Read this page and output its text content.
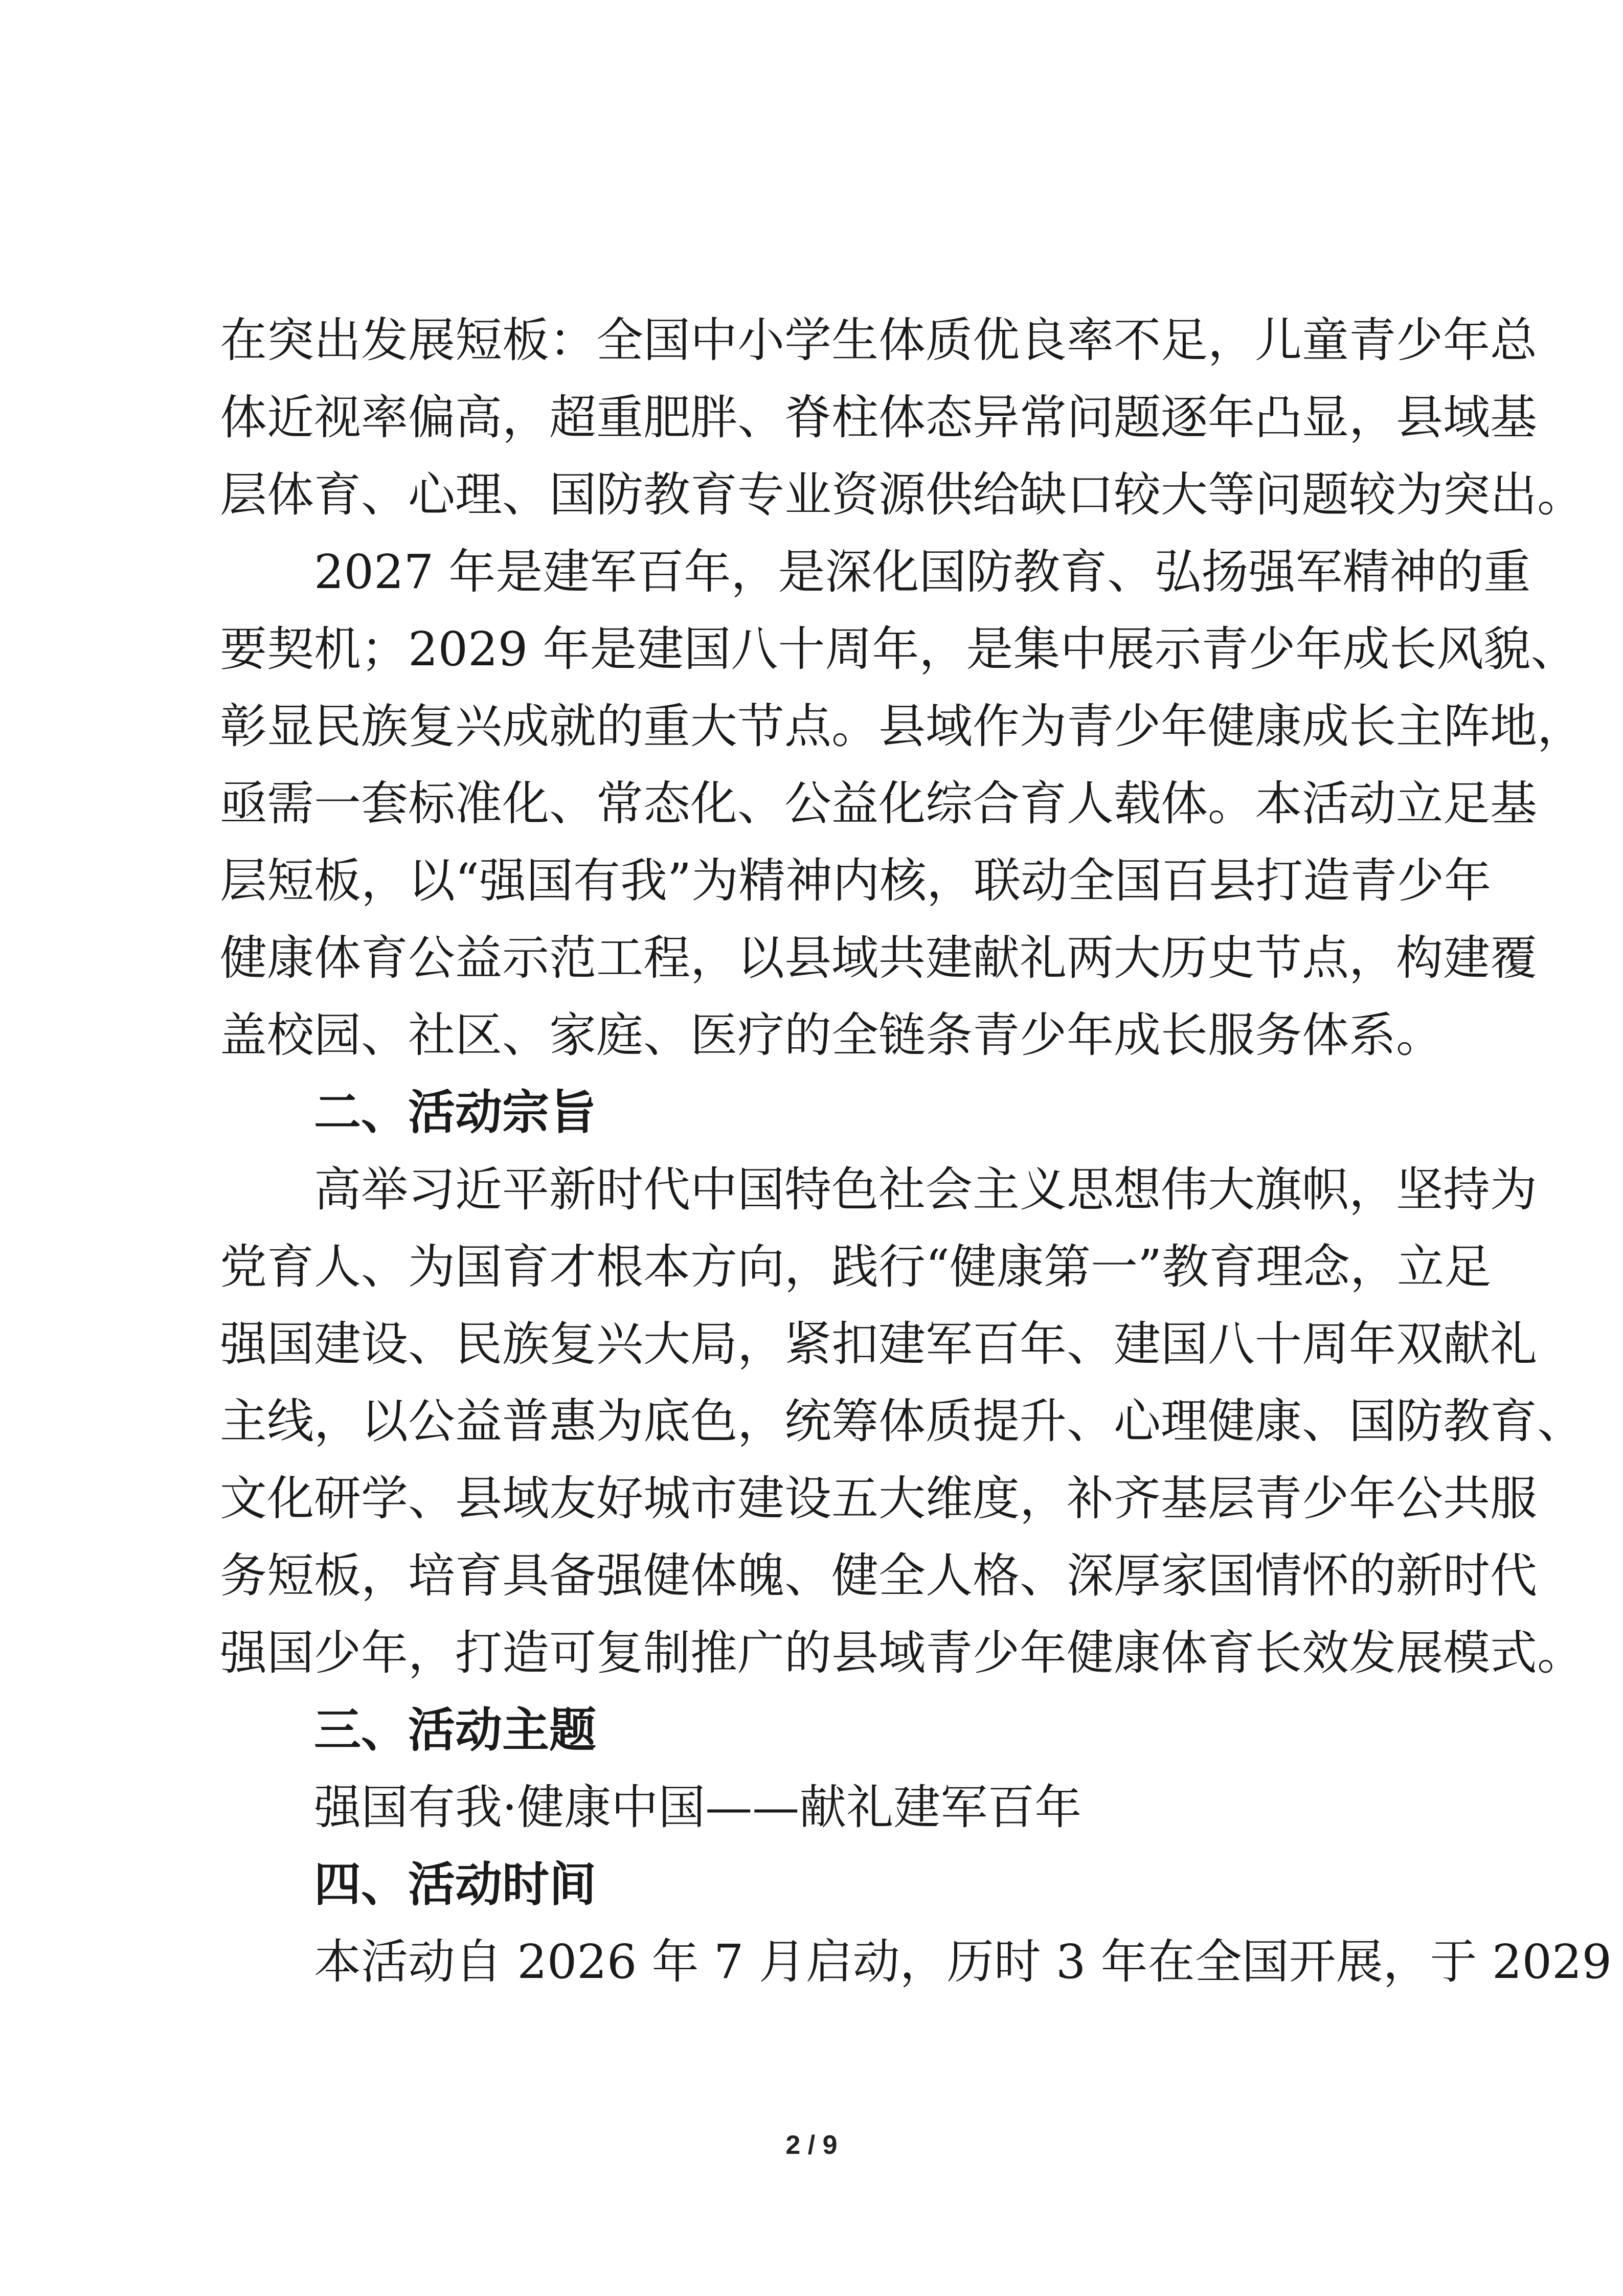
在突出发展短板：全国中小学生体质优良率不足，儿童青少年总
体近视率偏高，超重肥胖、脊柱体态异常问题逐年凸显，县域基
层体育、心理、国防教育专业资源供给缺口较大等问题较为突出。
2027 年是建军百年，是深化国防教育、弘扬强军精神的重
要契机；2029 年是建国八十周年，是集中展示青少年成长风貌、
彰显民族复兴成就的重大节点。县域作为青少年健康成长主阵地，
亟需一套标准化、常态化、公益化综合育人载体。本活动立足基
层短板，以“强国有我”为精神内核，联动全国百县打造青少年
健康体育公益示范工程，以县域共建献礼两大历史节点，构建覆
盖校园、社区、家庭、医疗的全链条青少年成长服务体系。
二、活动宗旨
高举习近平新时代中国特色社会主义思想伟大旗帜，坚持为
党育人、为国育才根本方向，践行“健康第一”教育理念，立足
强国建设、民族复兴大局，紧扣建军百年、建国八十周年双献礼
主线，以公益普惠为底色，统筹体质提升、心理健康、国防教育、
文化研学、县域友好城市建设五大维度，补齐基层青少年公共服
务短板，培育具备强健体魄、健全人格、深厚家国情怀的新时代
强国少年，打造可复制推广的县域青少年健康体育长效发展模式。
三、活动主题
强国有我·健康中国——献礼建军百年
四、活动时间
本活动自 2026 年 7 月启动，历时 3 年在全国开展，于 2029
2 / 9
